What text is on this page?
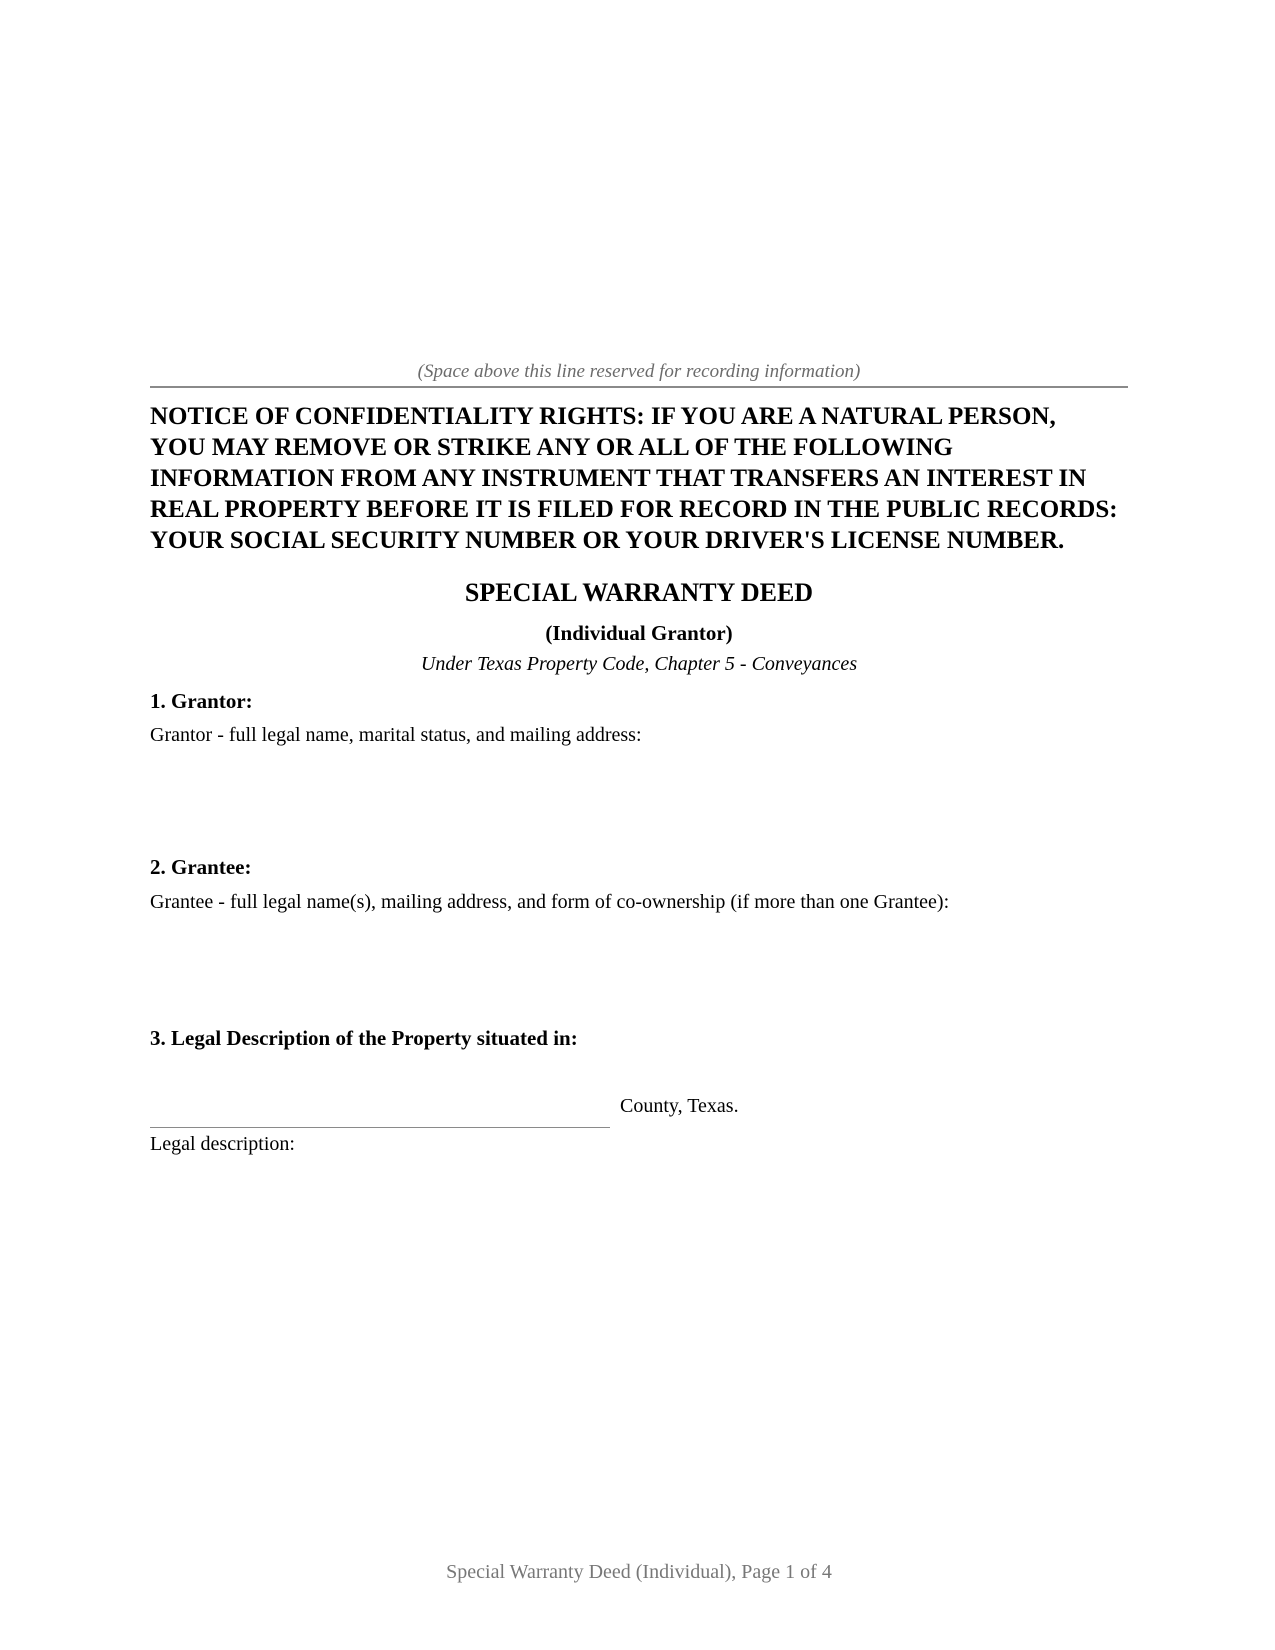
(Space above this line reserved for recording information)
NOTICE OF CONFIDENTIALITY RIGHTS: IF YOU ARE A NATURAL PERSON,
YOU MAY REMOVE OR STRIKE ANY OR ALL OF THE FOLLOWING
INFORMATION FROM ANY INSTRUMENT THAT TRANSFERS AN INTEREST IN
REAL PROPERTY BEFORE IT IS FILED FOR RECORD IN THE PUBLIC RECORDS:
YOUR SOCIAL SECURITY NUMBER OR YOUR DRIVER'S LICENSE NUMBER.
SPECIAL WARRANTY DEED
(Individual Grantor)
Under Texas Property Code, Chapter 5 - Conveyances
1. Grantor:
Grantor - full legal name, marital status, and mailing address:
2. Grantee:
Grantee - full legal name(s), mailing address, and form of co-ownership (if more than one Grantee):
3. Legal Description of the Property situated in:
County, Texas.
Legal description:
Special Warranty Deed (Individual), Page 1 of 4
